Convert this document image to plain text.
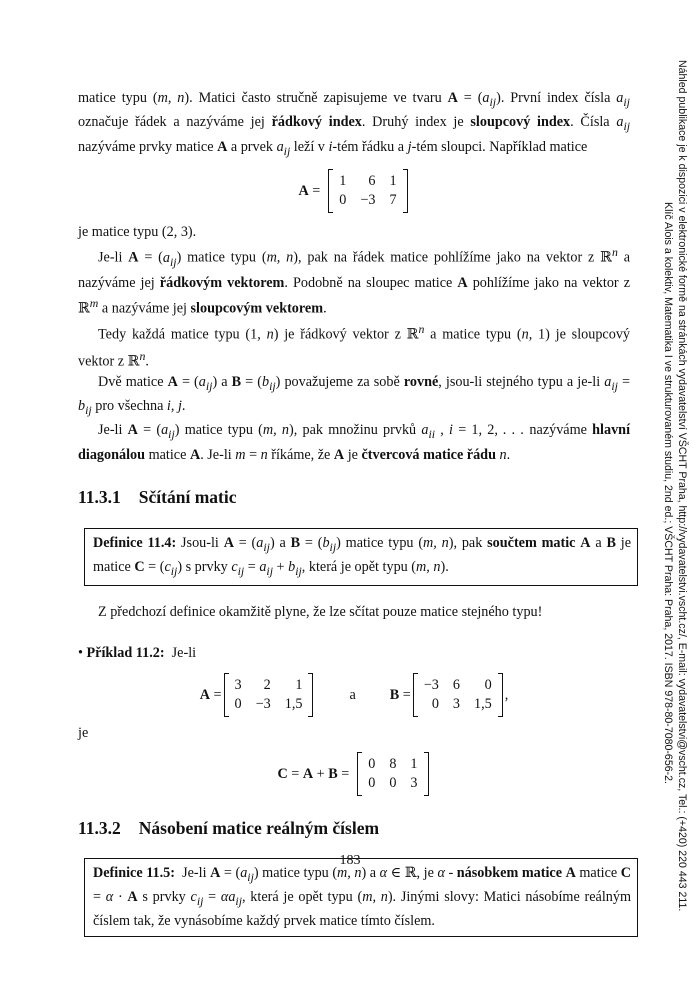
matice typu (m, n). Matici často stručně zapisujeme ve tvaru $A = (a_{ij})$. První index čísla $a_{ij}$ označuje řádek a nazýváme jej řádkový index. Druhý index je sloupcový index. Čísla $a_{ij}$ nazýváme prvky matice A a prvek $a_{ij}$ leží v i-tém řádku a j-tém sloupci. Například matice

A =
1	6 1
0 −3 7

je matice typu (2, 3).

Je-li $A = (a_{ij})$ matice typu (m, n), pak na řádek matice pohlížíme jako na vektor z ℝ$^n$ a nazýváme jej řádkovým vektorem. Podobně na sloupec matice A pohlížíme jako na vektor z ℝ$^m$ a nazýváme jej sloupcovým vektorem.

Tedy každá matice typu (1, n) je řádkový vektor z ℝ$^n$ a matice typu (n, 1) je sloupcový vektor z ℝ$^n$.

Dvě matice $A = (a_{ij})$ a $B = (b_{ij})$ považujeme za sobě rovné, jsou-li stejného typu a je-li $a_{ij} = b_{ij}$ pro všechna i, j.

Je-li $A = (a_{ij})$ matice typu (m, n), pak množinu prvků $a_{ii}$ , i = 1, 2, . . . nazýváme hlavní diagonálou matice A. Je-li m = n říkáme, že A je čtvercová matice řádu n.

11.3.1 Sčítání matic

Definice 11.4: Jsou-li $A = (a_{ij})$ a $B = (b_{ij})$ matice typu (m, n), pak součtem matic A a B je matice $C = (c_{ij})$ s prvky $c_{ij} = a_{ij} + b_{ij}$, která je opět typu (m, n).

Z předchozí definice okamžitě plyne, že lze sčítat pouze matice stejného typu!

• Příklad 11.2: Je-li

A =
3	2	1
0 −3 1,5
a B =
−3 6	0
0 3 1,5
,

je

C = A + B =
0 8 1
0 0 3
11.3.2 Násobení matice reálným číslem

Definice 11.5:  Je-li $A = (a_{ij})$ matice typu (m, n) a α ∈ ℝ, je α - násobkem matice A matice C = α · A s prvky $c_{ij} = \alpha a_{ij}$, která je opět typu (m, n). Jinými slovy: Matici násobíme reálným číslem tak, že vynásobíme každý prvek matice tímto číslem.

183	Náhled publikace je k dispozici v elektronické formě na stránkách vydavatelství VŠCHT Praha, http://vydavatelstvi.vscht.cz/, E-mail: vydavatelstvi@vscht.cz, Tel.: (+420) 220 443 211.
Klíč Alois a kolektiv, Matematika I ve strukturovaném studiu, 2nd ed.; VŠCHT Praha: Praha, 2017. ISBN 978-80-7080-656-2.
